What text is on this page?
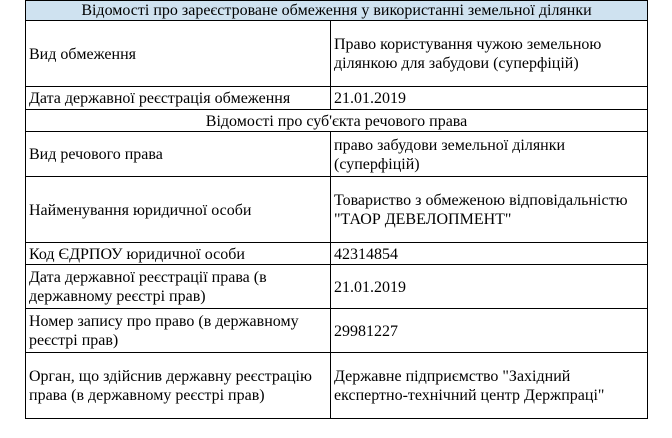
Відомості про зареєстроване обмеження у використанні земельної ділянки	
Вид обмеження	Право користування чужою земельною ділянкою для забудови (суперфіцій)
Дата державної реєстрація обмеження	21.01.2019
Відомості про суб'єкта речового права	
Вид речового права	право забудови земельної ділянки (суперфіцій)
Найменування юридичної особи	Товариство з обмеженою відповідальністю "ТАОР ДЕВЕЛОПМЕНТ"
Код ЄДРПОУ юридичної особи	42314854
Дата державної реєстрації права (в державному реєстрі прав)	21.01.2019
Номер запису про право (в державному реєстрі прав)	29981227
Орган, що здійснив державну реєстрацію права (в державному реєстрі прав)	Державне підприємство "Західний експертно-технічний центр Держпраці"
